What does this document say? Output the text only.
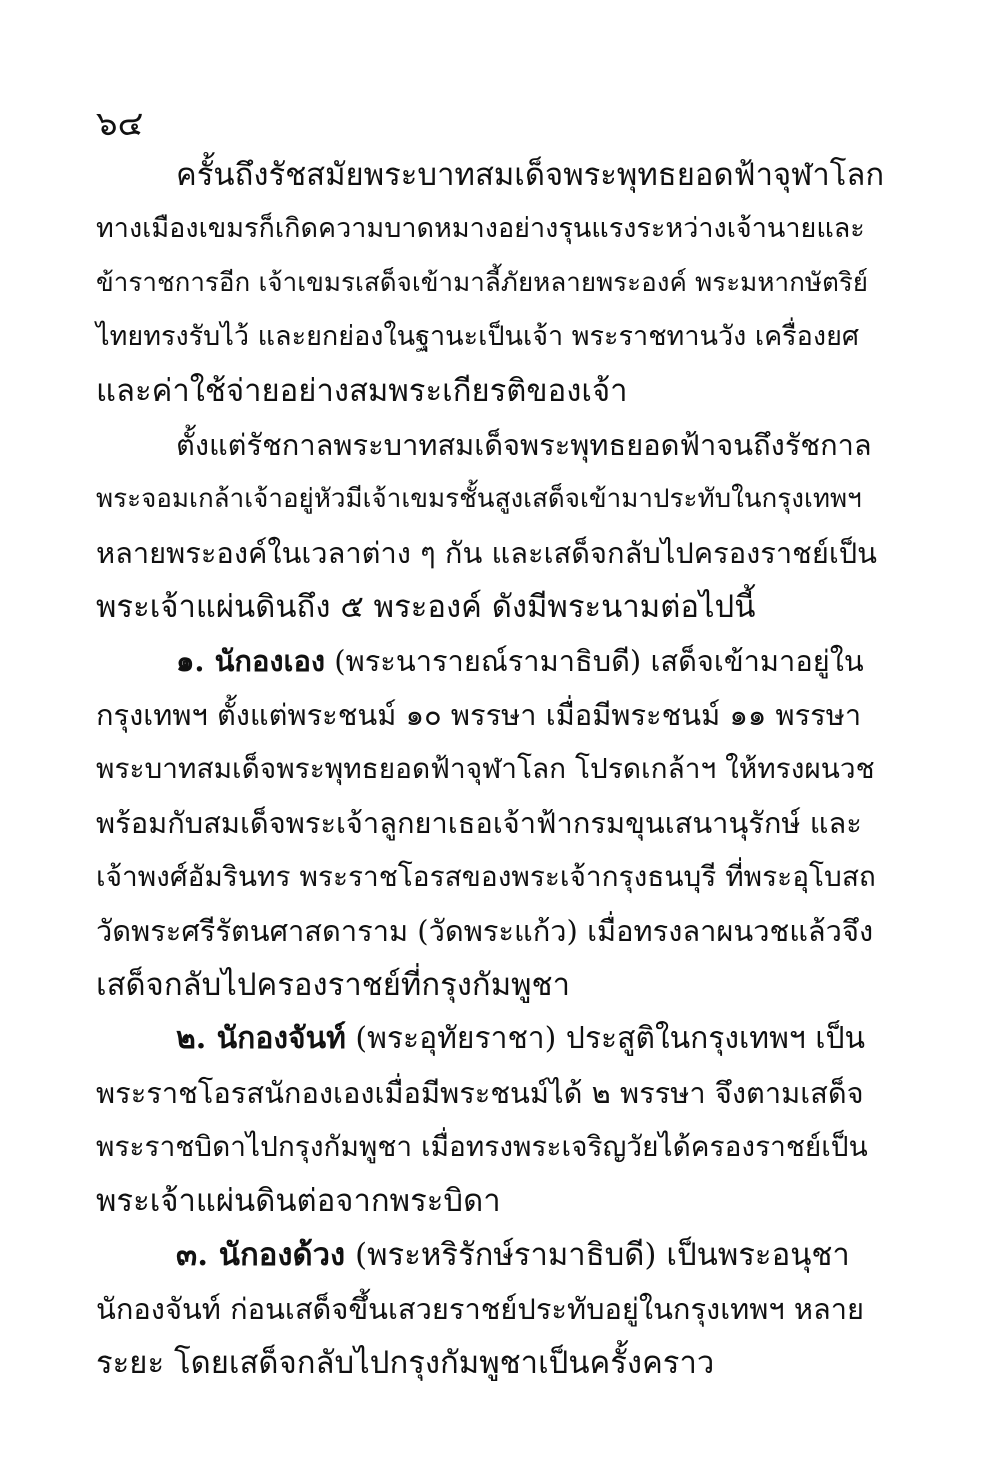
๖๔
ครั้นถึงรัชสมัยพระบาทสมเด็จพระพุทธยอดฟ้าจุฬาโลก
ทางเมืองเขมรก็เกิดความบาดหมางอย่างรุนแรงระหว่างเจ้านายและ
ข้าราชการอีก เจ้าเขมรเสด็จเข้ามาลี้ภัยหลายพระองค์ พระมหากษัตริย์
ไทยทรงรับไว้ และยกย่องในฐานะเป็นเจ้า พระราชทานวัง เครื่องยศ
และค่าใช้จ่ายอย่างสมพระเกียรติของเจ้า
ตั้งแต่รัชกาลพระบาทสมเด็จพระพุทธยอดฟ้าจนถึงรัชกาล
พระจอมเกล้าเจ้าอยู่หัวมีเจ้าเขมรชั้นสูงเสด็จเข้ามาประทับในกรุงเทพฯ
หลายพระองค์ในเวลาต่าง ๆ กัน และเสด็จกลับไปครองราชย์เป็น
พระเจ้าแผ่นดินถึง ๕ พระองค์ ดังมีพระนามต่อไปนี้
๑. นักองเอง (พระนารายณ์รามาธิบดี) เสด็จเข้ามาอยู่ใน
กรุงเทพฯ ตั้งแต่พระชนม์ ๑๐ พรรษา เมื่อมีพระชนม์ ๑๑ พรรษา
พระบาทสมเด็จพระพุทธยอดฟ้าจุฬาโลก โปรดเกล้าฯ ให้ทรงผนวช
พร้อมกับสมเด็จพระเจ้าลูกยาเธอเจ้าฟ้ากรมขุนเสนานุรักษ์ และ
เจ้าพงศ์อัมรินทร พระราชโอรสของพระเจ้ากรุงธนบุรี ที่พระอุโบสถ
วัดพระศรีรัตนศาสดาราม (วัดพระแก้ว) เมื่อทรงลาผนวชแล้วจึง
เสด็จกลับไปครองราชย์ที่กรุงกัมพูชา
๒. นักองจันท์ (พระอุทัยราชา) ประสูติในกรุงเทพฯ เป็น
พระราชโอรสนักองเองเมื่อมีพระชนม์ได้ ๒ พรรษา จึงตามเสด็จ
พระราชบิดาไปกรุงกัมพูชา เมื่อทรงพระเจริญวัยได้ครองราชย์เป็น
พระเจ้าแผ่นดินต่อจากพระบิดา
๓. นักองด้วง (พระหริรักษ์รามาธิบดี) เป็นพระอนุชา
นักองจันท์ ก่อนเสด็จขึ้นเสวยราชย์ประทับอยู่ในกรุงเทพฯ หลาย
ระยะ โดยเสด็จกลับไปกรุงกัมพูชาเป็นครั้งคราว
